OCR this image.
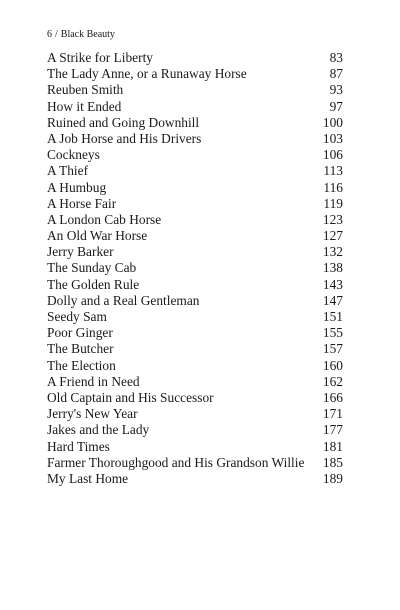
6 / Black Beauty
A Strike for Liberty	83
The Lady Anne, or a Runaway Horse	87
Reuben Smith	93
How it Ended	97
Ruined and Going Downhill	100
A Job Horse and His Drivers	103
Cockneys	106
A Thief	113
A Humbug	116
A Horse Fair	119
A London Cab Horse	123
An Old War Horse	127
Jerry Barker	132
The Sunday Cab	138
The Golden Rule	143
Dolly and a Real Gentleman	147
Seedy Sam	151
Poor Ginger	155
The Butcher	157
The Election	160
A Friend in Need	162
Old Captain and His Successor	166
Jerry's New Year	171
Jakes and the Lady	177
Hard Times	181
Farmer Thoroughgood and His Grandson Willie 185
My Last Home	189
